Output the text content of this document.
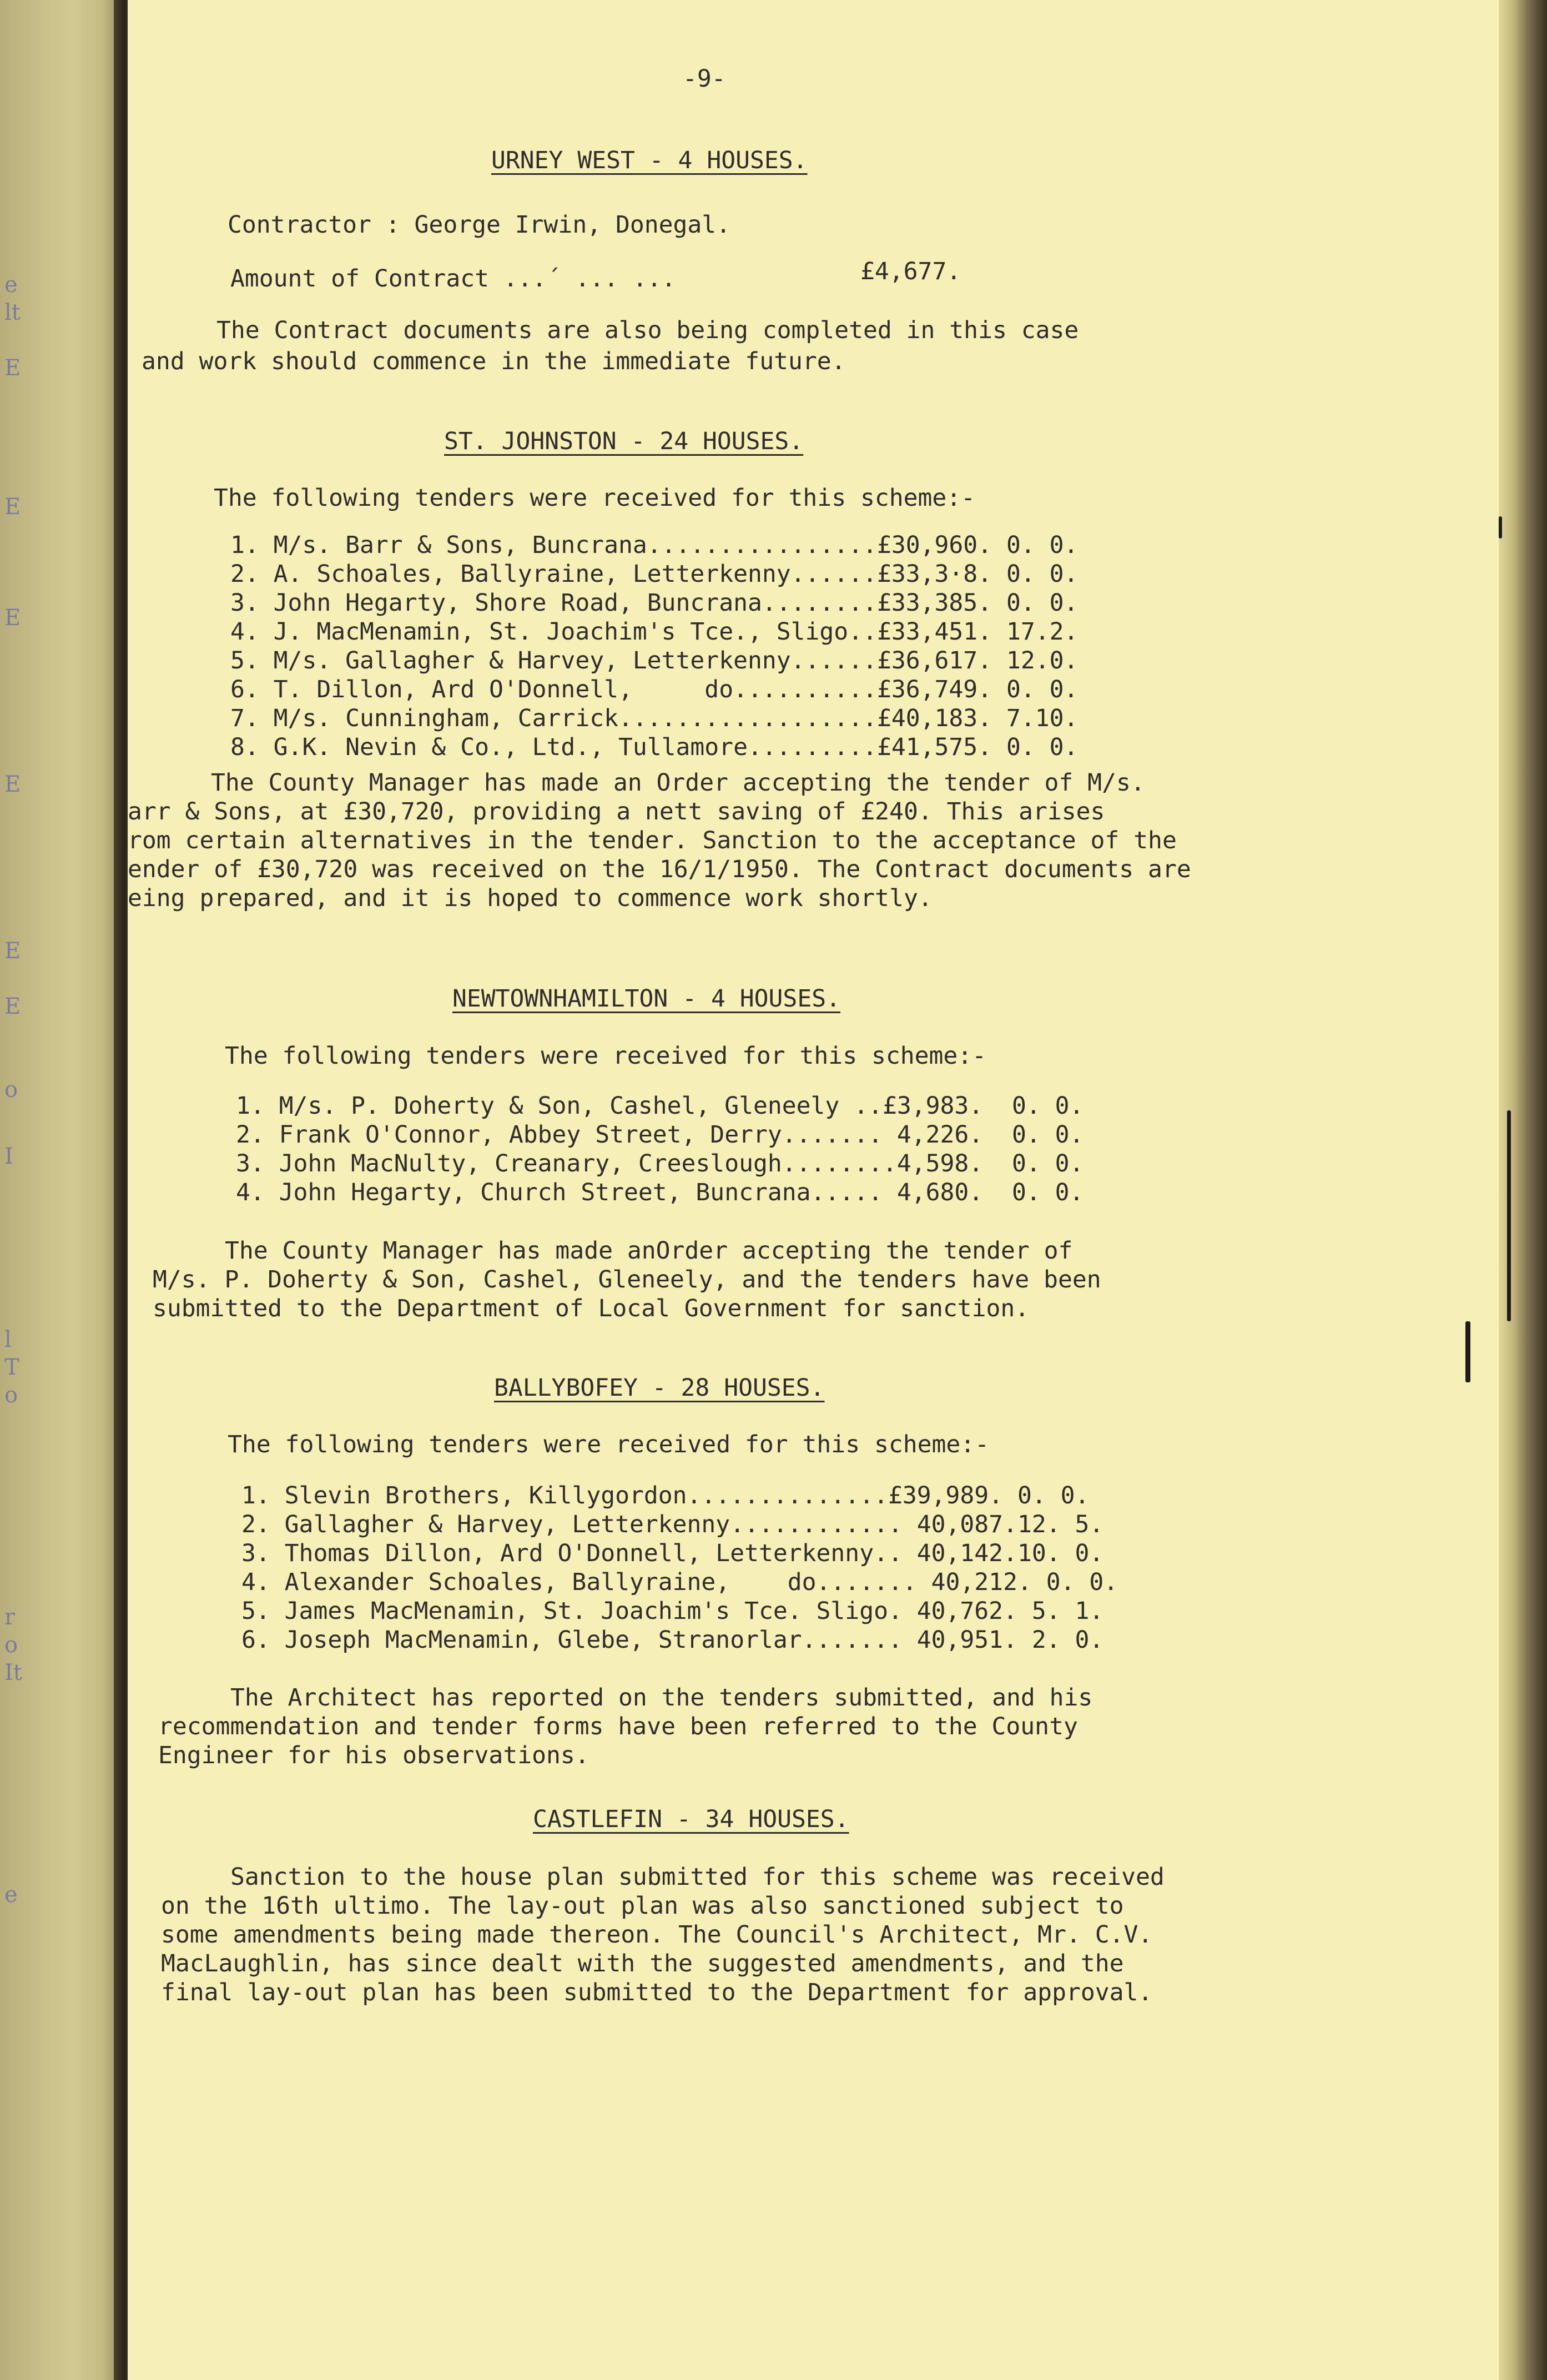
e
lt
E
E
E
E
E
E
o
I
l
T
o
r
o
It
e
-9-
URNEY WEST - 4 HOUSES.
Contractor : George Irwin, Donegal.
Amount of Contract ...´ ... ...	£4,677.
The Contract documents are also being completed in this case
and work should commence in the immediate future.
ST. JOHNSTON - 24 HOUSES.
The following tenders were received for this scheme:-
1. M/s. Barr & Sons, Buncrana................£30,960. 0. 0.
2. A. Schoales, Ballyraine, Letterkenny......£33,3·8. 0. 0.
3. John Hegarty, Shore Road, Buncrana........£33,385. 0. 0.
4. J. MacMenamin, St. Joachim's Tce., Sligo..£33,451. 17.2.
5. M/s. Gallagher & Harvey, Letterkenny......£36,617. 12.0.
6. T. Dillon, Ard O'Donnell,     do..........£36,749. 0. 0.
7. M/s. Cunningham, Carrick..................£40,183. 7.10.
8. G.K. Nevin & Co., Ltd., Tullamore.........£41,575. 0. 0.
The County Manager has made an Order accepting the tender of M/s.
arr & Sons, at £30,720, providing a nett saving of £240. This arises
rom certain alternatives in the tender. Sanction to the acceptance of the
ender of £30,720 was received on the 16/1/1950. The Contract documents are
eing prepared, and it is hoped to commence work shortly.
NEWTOWNHAMILTON - 4 HOUSES.
The following tenders were received for this scheme:-
1. M/s. P. Doherty & Son, Cashel, Gleneely ..£3,983.  0. 0.
2. Frank O'Connor, Abbey Street, Derry....... 4,226.  0. 0.
3. John MacNulty, Creanary, Creeslough........4,598.  0. 0.
4. John Hegarty, Church Street, Buncrana..... 4,680.  0. 0.
The County Manager has made anOrder accepting the tender of
M/s. P. Doherty & Son, Cashel, Gleneely, and the tenders have been
submitted to the Department of Local Government for sanction.
BALLYBOFEY - 28 HOUSES.
The following tenders were received for this scheme:-
1. Slevin Brothers, Killygordon..............£39,989. 0. 0.
2. Gallagher & Harvey, Letterkenny............ 40,087.12. 5.
3. Thomas Dillon, Ard O'Donnell, Letterkenny.. 40,142.10. 0.
4. Alexander Schoales, Ballyraine,    do....... 40,212. 0. 0.
5. James MacMenamin, St. Joachim's Tce. Sligo. 40,762. 5. 1.
6. Joseph MacMenamin, Glebe, Stranorlar....... 40,951. 2. 0.
The Architect has reported on the tenders submitted, and his
recommendation and tender forms have been referred to the County
Engineer for his observations.
CASTLEFIN - 34 HOUSES.
Sanction to the house plan submitted for this scheme was received
on the 16th ultimo. The lay-out plan was also sanctioned subject to
some amendments being made thereon. The Council's Architect, Mr. C.V.
MacLaughlin, has since dealt with the suggested amendments, and the
final lay-out plan has been submitted to the Department for approval.
